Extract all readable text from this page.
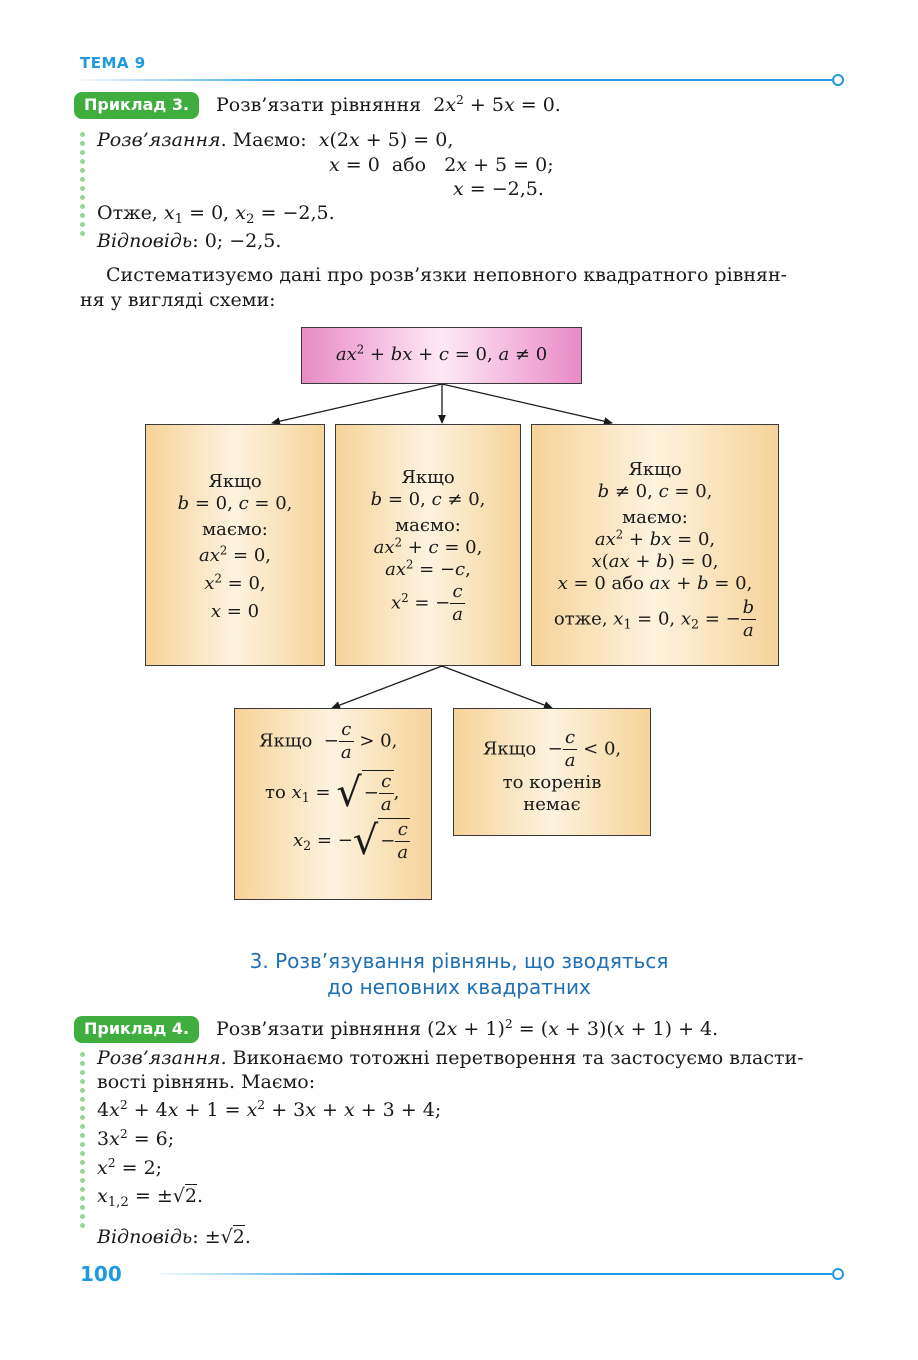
ТЕМА 9
Приклад 3.	Розв’язати рівняння $2x^2 + 5x = 0$.
Розв’язання. Маємо: x(2x + 5) = 0,
x = 0  або   2x + 5 = 0;
x = −2,5.
Отже, $x_1 = 0$, $x_2 = -2,5$.
Відповідь: 0; −2,5.
Систематизуємо дані про розв’язки неповного квадратного рівнян-
ня у вигляді схеми:
$ax^2$ + bx + c = 0, a ≠ 0
Якщо
b = 0, c = 0,
маємо:
$ax^2 = 0$,
$x^2 = 0$,
x = 0
Якщо
b = 0, c ≠ 0,
маємо:
$ax^2 + c = 0$,
$ax^2 = -c$,
$x^2$ = − $\frac{c}{a}$
Якщо
b ≠ 0, c = 0,
маємо:
$ax^2$ + bx = 0,
x(ax + b) = 0,
x = 0 або ax + b = 0,
отже, $x_1 = 0$, $x_2$ = − $\frac{b}{a}$
Якщо  − $\frac{c}{a} > 0$,
то $x_1$ = √ − $\frac{c}{a}$ ,
$x_2$ = −√ − $\frac{c}{a}$
Якщо  − $\frac{c}{a} < 0$,
то коренів
немає
3. Розв’язування рівнянь, що зводяться
до неповних квадратних
Приклад 4.	Розв’язати рівняння $(2x + 1)^2 = (x + 3)(x + 1) + 4$.
Розв’язання. Виконаємо тотожні перетворення та застосуємо власти-
вості рівнянь. Маємо:
$4x^2 + 4x + 1 = x^2 + 3x + x + 3 + 4$;
$3x^2 = 6$;
$x^2 = 2$;
$x_{1,2} = \pm√2$.
Відповідь: ±√2.
100
